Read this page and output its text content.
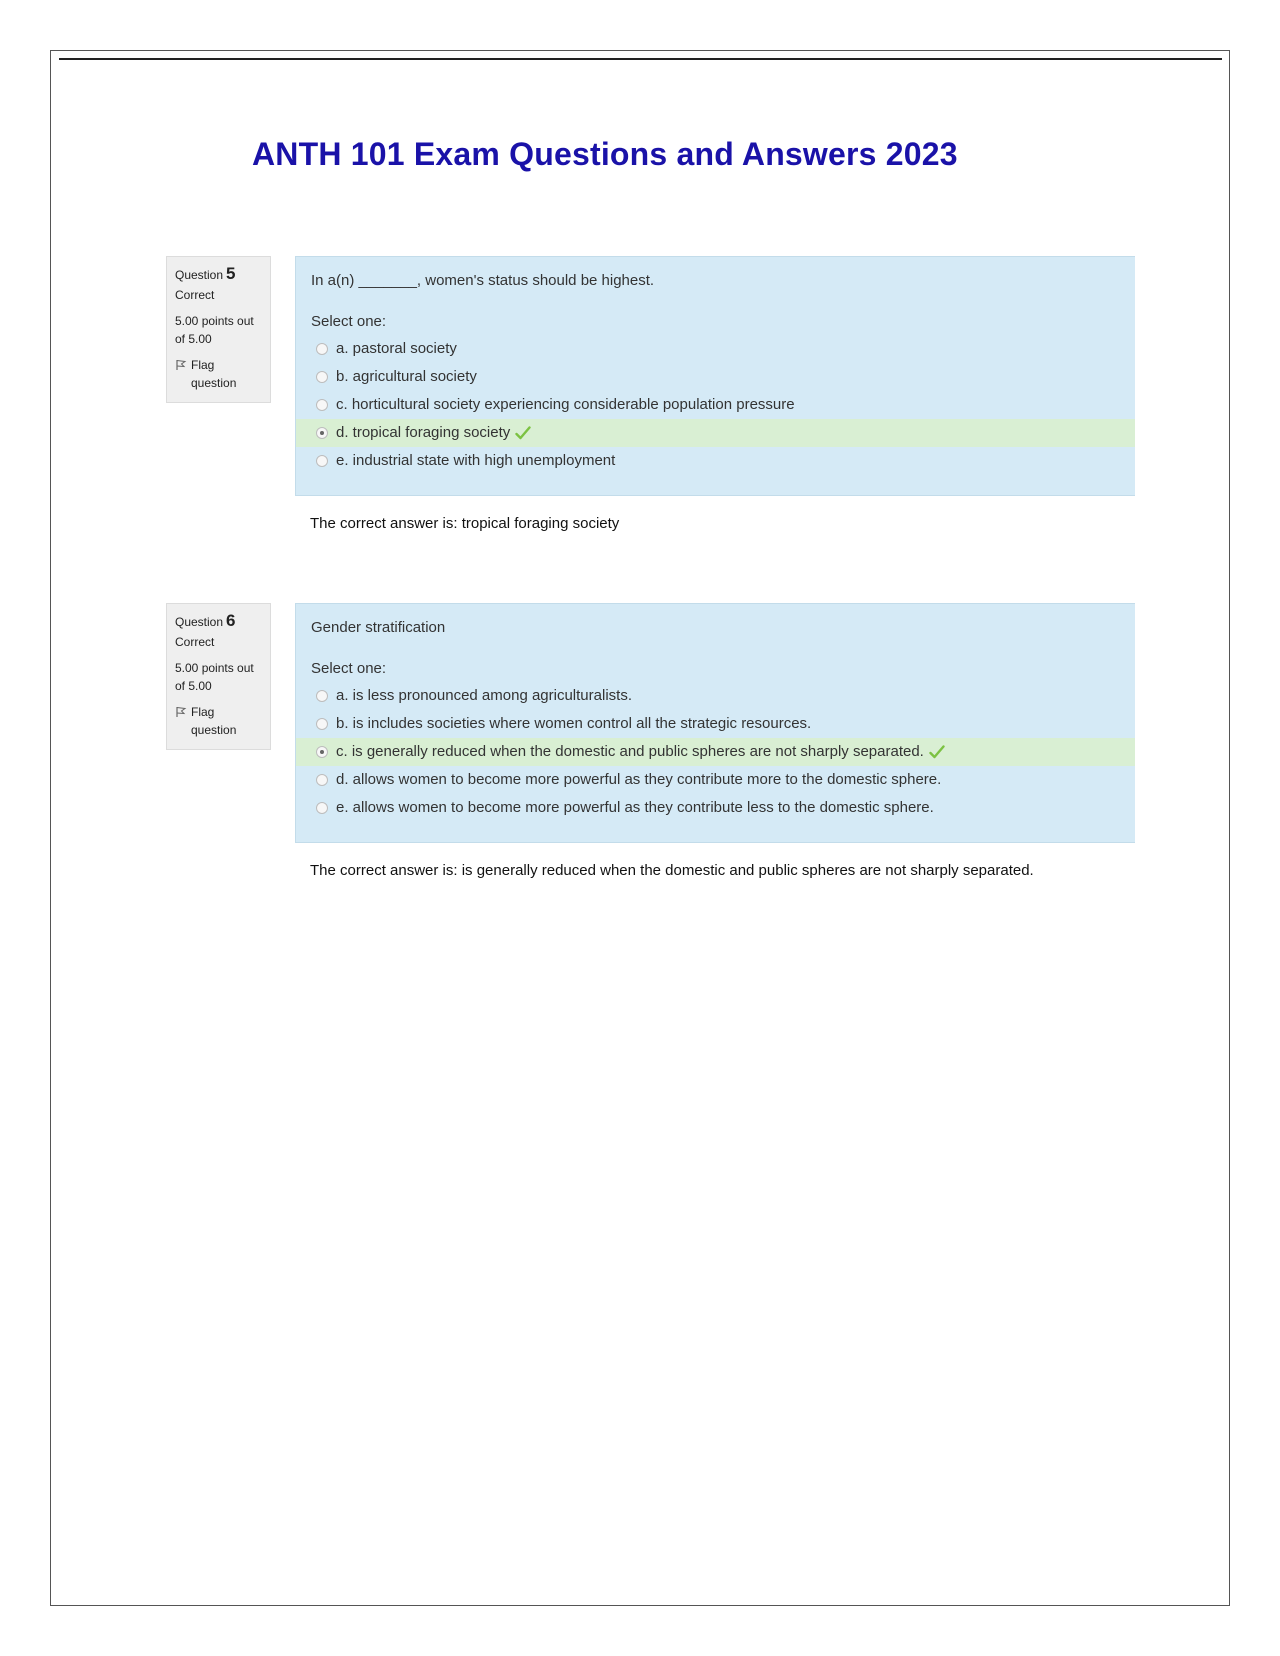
ANTH 101 Exam Questions and Answers 2023
Question 5
Correct
5.00 points out of 5.00
Flag question
In a(n) _______, women's status should be highest.
Select one:
a. pastoral society
b. agricultural society
c. horticultural society experiencing considerable population pressure
d. tropical foraging society
e. industrial state with high unemployment
The correct answer is: tropical foraging society
Question 6
Correct
5.00 points out of 5.00
Flag question
Gender stratification
Select one:
a. is less pronounced among agriculturalists.
b. is includes societies where women control all the strategic resources.
c. is generally reduced when the domestic and public spheres are not sharply separated.
d. allows women to become more powerful as they contribute more to the domestic sphere.
e. allows women to become more powerful as they contribute less to the domestic sphere.
The correct answer is: is generally reduced when the domestic and public spheres are not sharply separated.
